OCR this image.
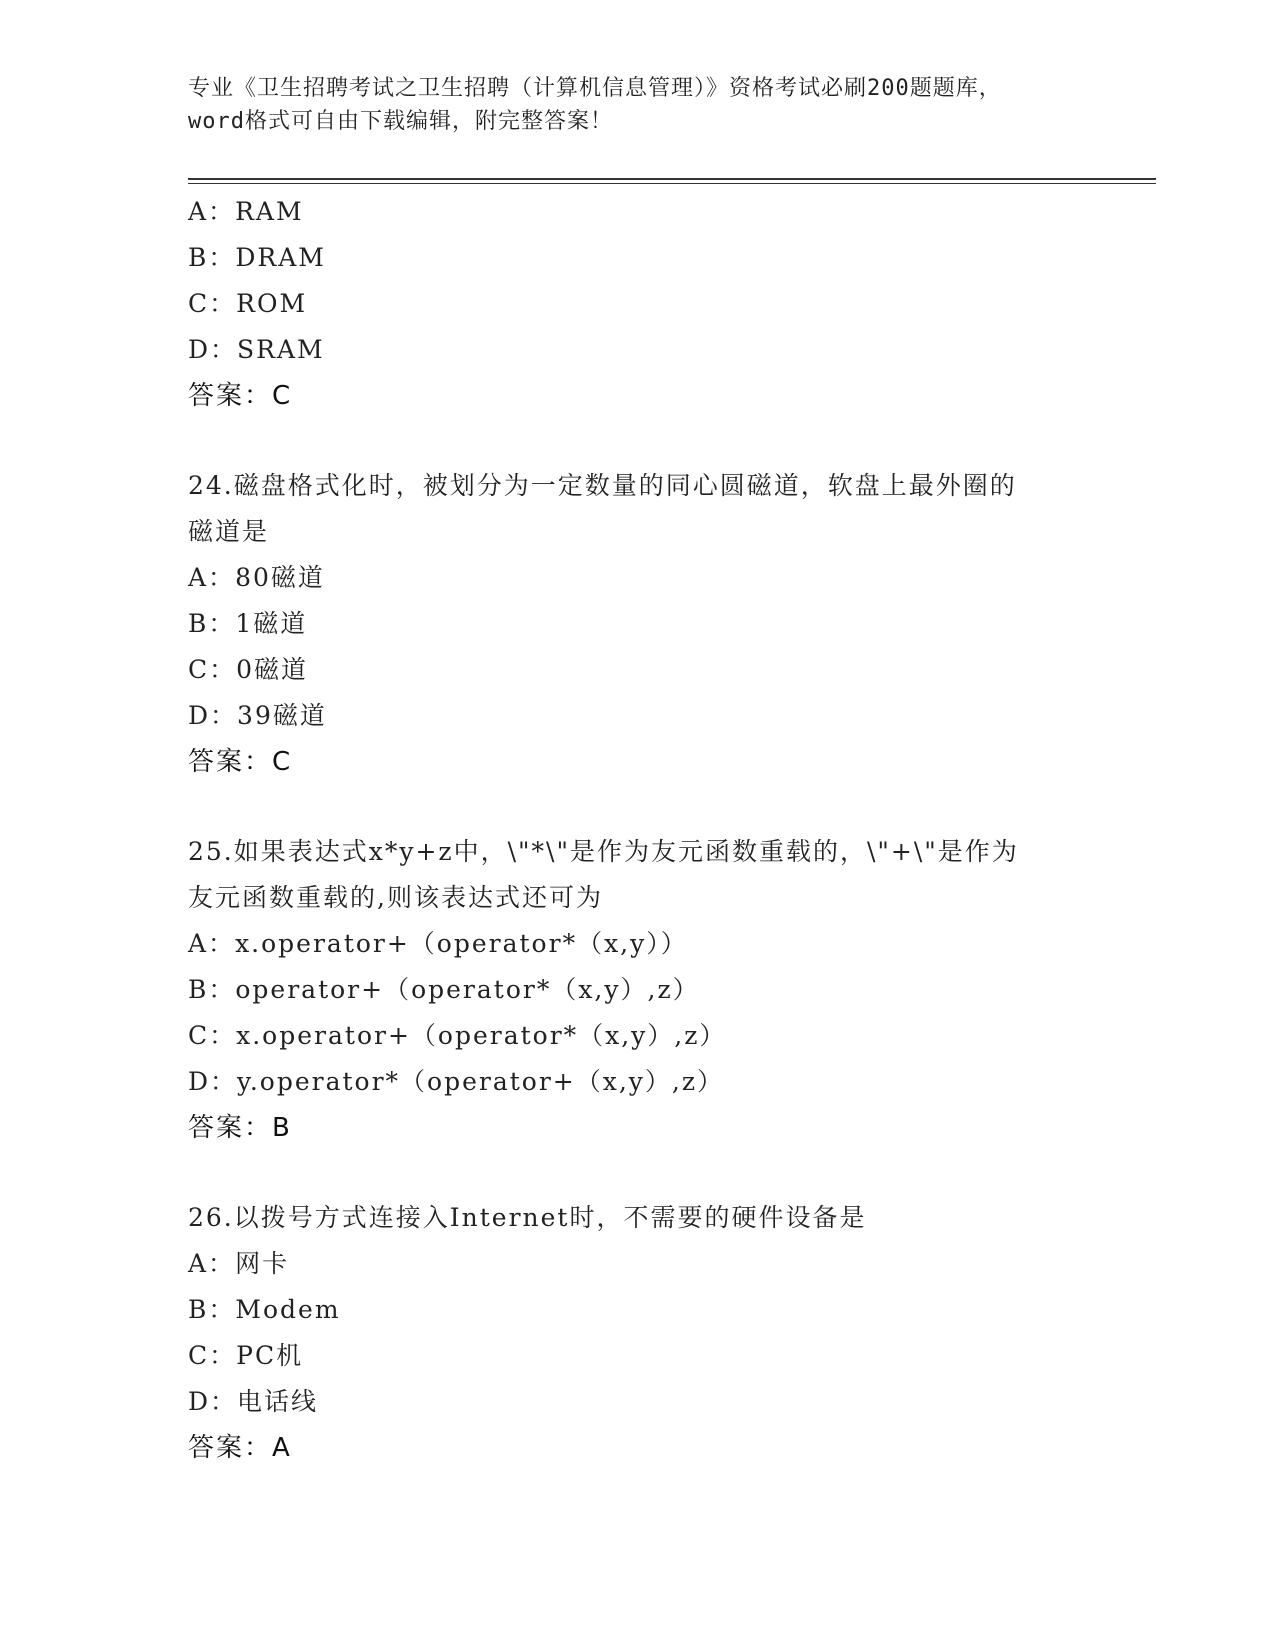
专业《卫生招聘考试之卫生招聘（计算机信息管理）》资格考试必刷200题题库，
word格式可自由下载编辑，附完整答案！
A：RAM
B：DRAM
C：ROM
D：SRAM
答案：C
24.磁盘格式化时，被划分为一定数量的同心圆磁道，软盘上最外圈的
磁道是
A：80磁道
B：1磁道
C：0磁道
D：39磁道
答案：C
25.如果表达式x*y+z中，\"*\"是作为友元函数重载的，\"+\"是作为
友元函数重载的,则该表达式还可为
A：x.operator+（operator*（x,y））
B：operator+（operator*（x,y）,z）
C：x.operator+（operator*（x,y）,z）
D：y.operator*（operator+（x,y）,z）
答案：B
26.以拨号方式连接入Internet时，不需要的硬件设备是
A：网卡
B：Modem
C：PC机
D：电话线
答案：A
